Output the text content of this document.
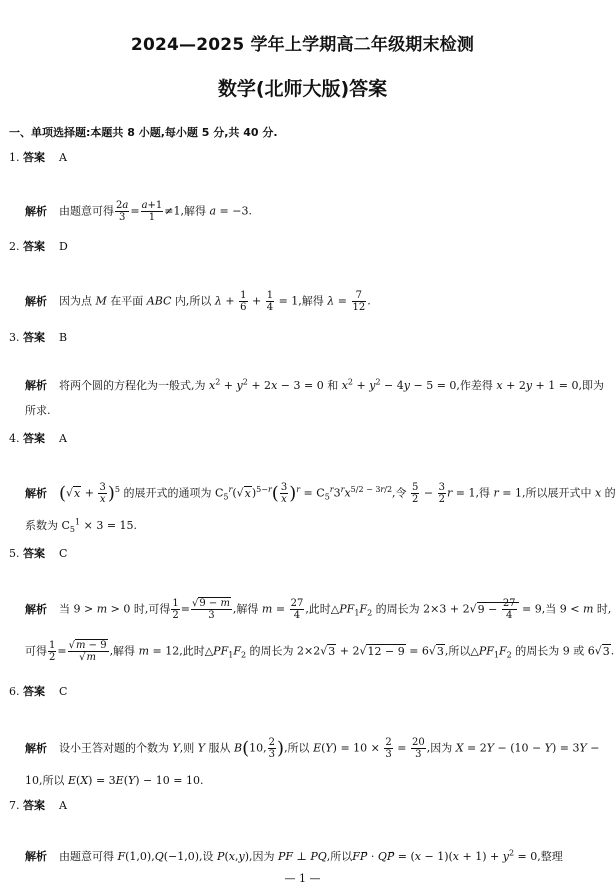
2024—2025 学年上学期高二年级期末检测
数学(北师大版)答案
一、单项选择题:本题共 8 小题,每小题 5 分,共 40 分.
1. 答案 A
解析 由题意可得 $\frac{2a}{3} = \frac{a+1}{1} \ne 1$,解得 a = −3.
2. 答案 D
解析 因为点 M 在平面 ABC 内,所以 $\lambda + \frac{1}{6} + \frac{1}{4} = 1$,解得 $\lambda = \frac{7}{12}$ .
3. 答案 B
解析 将两个圆的方程化为一般式,为 $x^2 + y^2 + 2x - 3 = 0$ 和 $x^2 + y^2 - 4y - 5 = 0$,作差得 x + 2y + 1 = 0,即为
所求.
4. 答案 A
解析 $(√x + \frac{3}{x} )^5$ 的展开式的通项为 $C_5^r(√x)^{5-r}( \frac{3}{x} )^r = C_5^r3^rx^{5/2 - 3r/2}$,令 $\frac{5}{2} - \frac{3}{2}$ r = 1,得 r = 1,所以展开式中 x 的
系数为 $C_5^1 \times 3 = 15$.
5. 答案 C
解析 当 9 > m > 0 时,可得 $\frac{1}{2} = \frac{√9 - m}{3}$ ,解得 $m = \frac{27}{4}$ ,此时$\triangle PF_1F_2$ 的周长为 $2\times 3 + 2√9 - \frac{27}{4} = 9$,当 9 < m 时,
可得 $\frac{1}{2} = \frac{√m - 9}{√m}$ ,解得 m = 12,此时$\triangle PF_1F_2$ 的周长为 2×2√3 + 2√12 − 9 = 6√3,所以$\triangle PF_1F_2$ 的周长为 9 或 6√3.
6. 答案 C
解析 设小王答对题的个数为 Y,则 Y 服从 B(10, $\frac{2}{3}$ ),所以 $E(Y) = 10 \times \frac{2}{3} = \frac{20}{3}$ ,因为 X = 2Y − (10 − Y) = 3Y −
10,所以 E(X) = 3E(Y) − 10 = 10.
7. 答案 A
解析 由题意可得 F(1,0),Q(−1,0),设 P(x,y),因为 PF ⊥ PQ,所以FP⃗ · QP⃗ = $(x - 1)(x + 1) + y^2 = 0$,整理
— 1 —
